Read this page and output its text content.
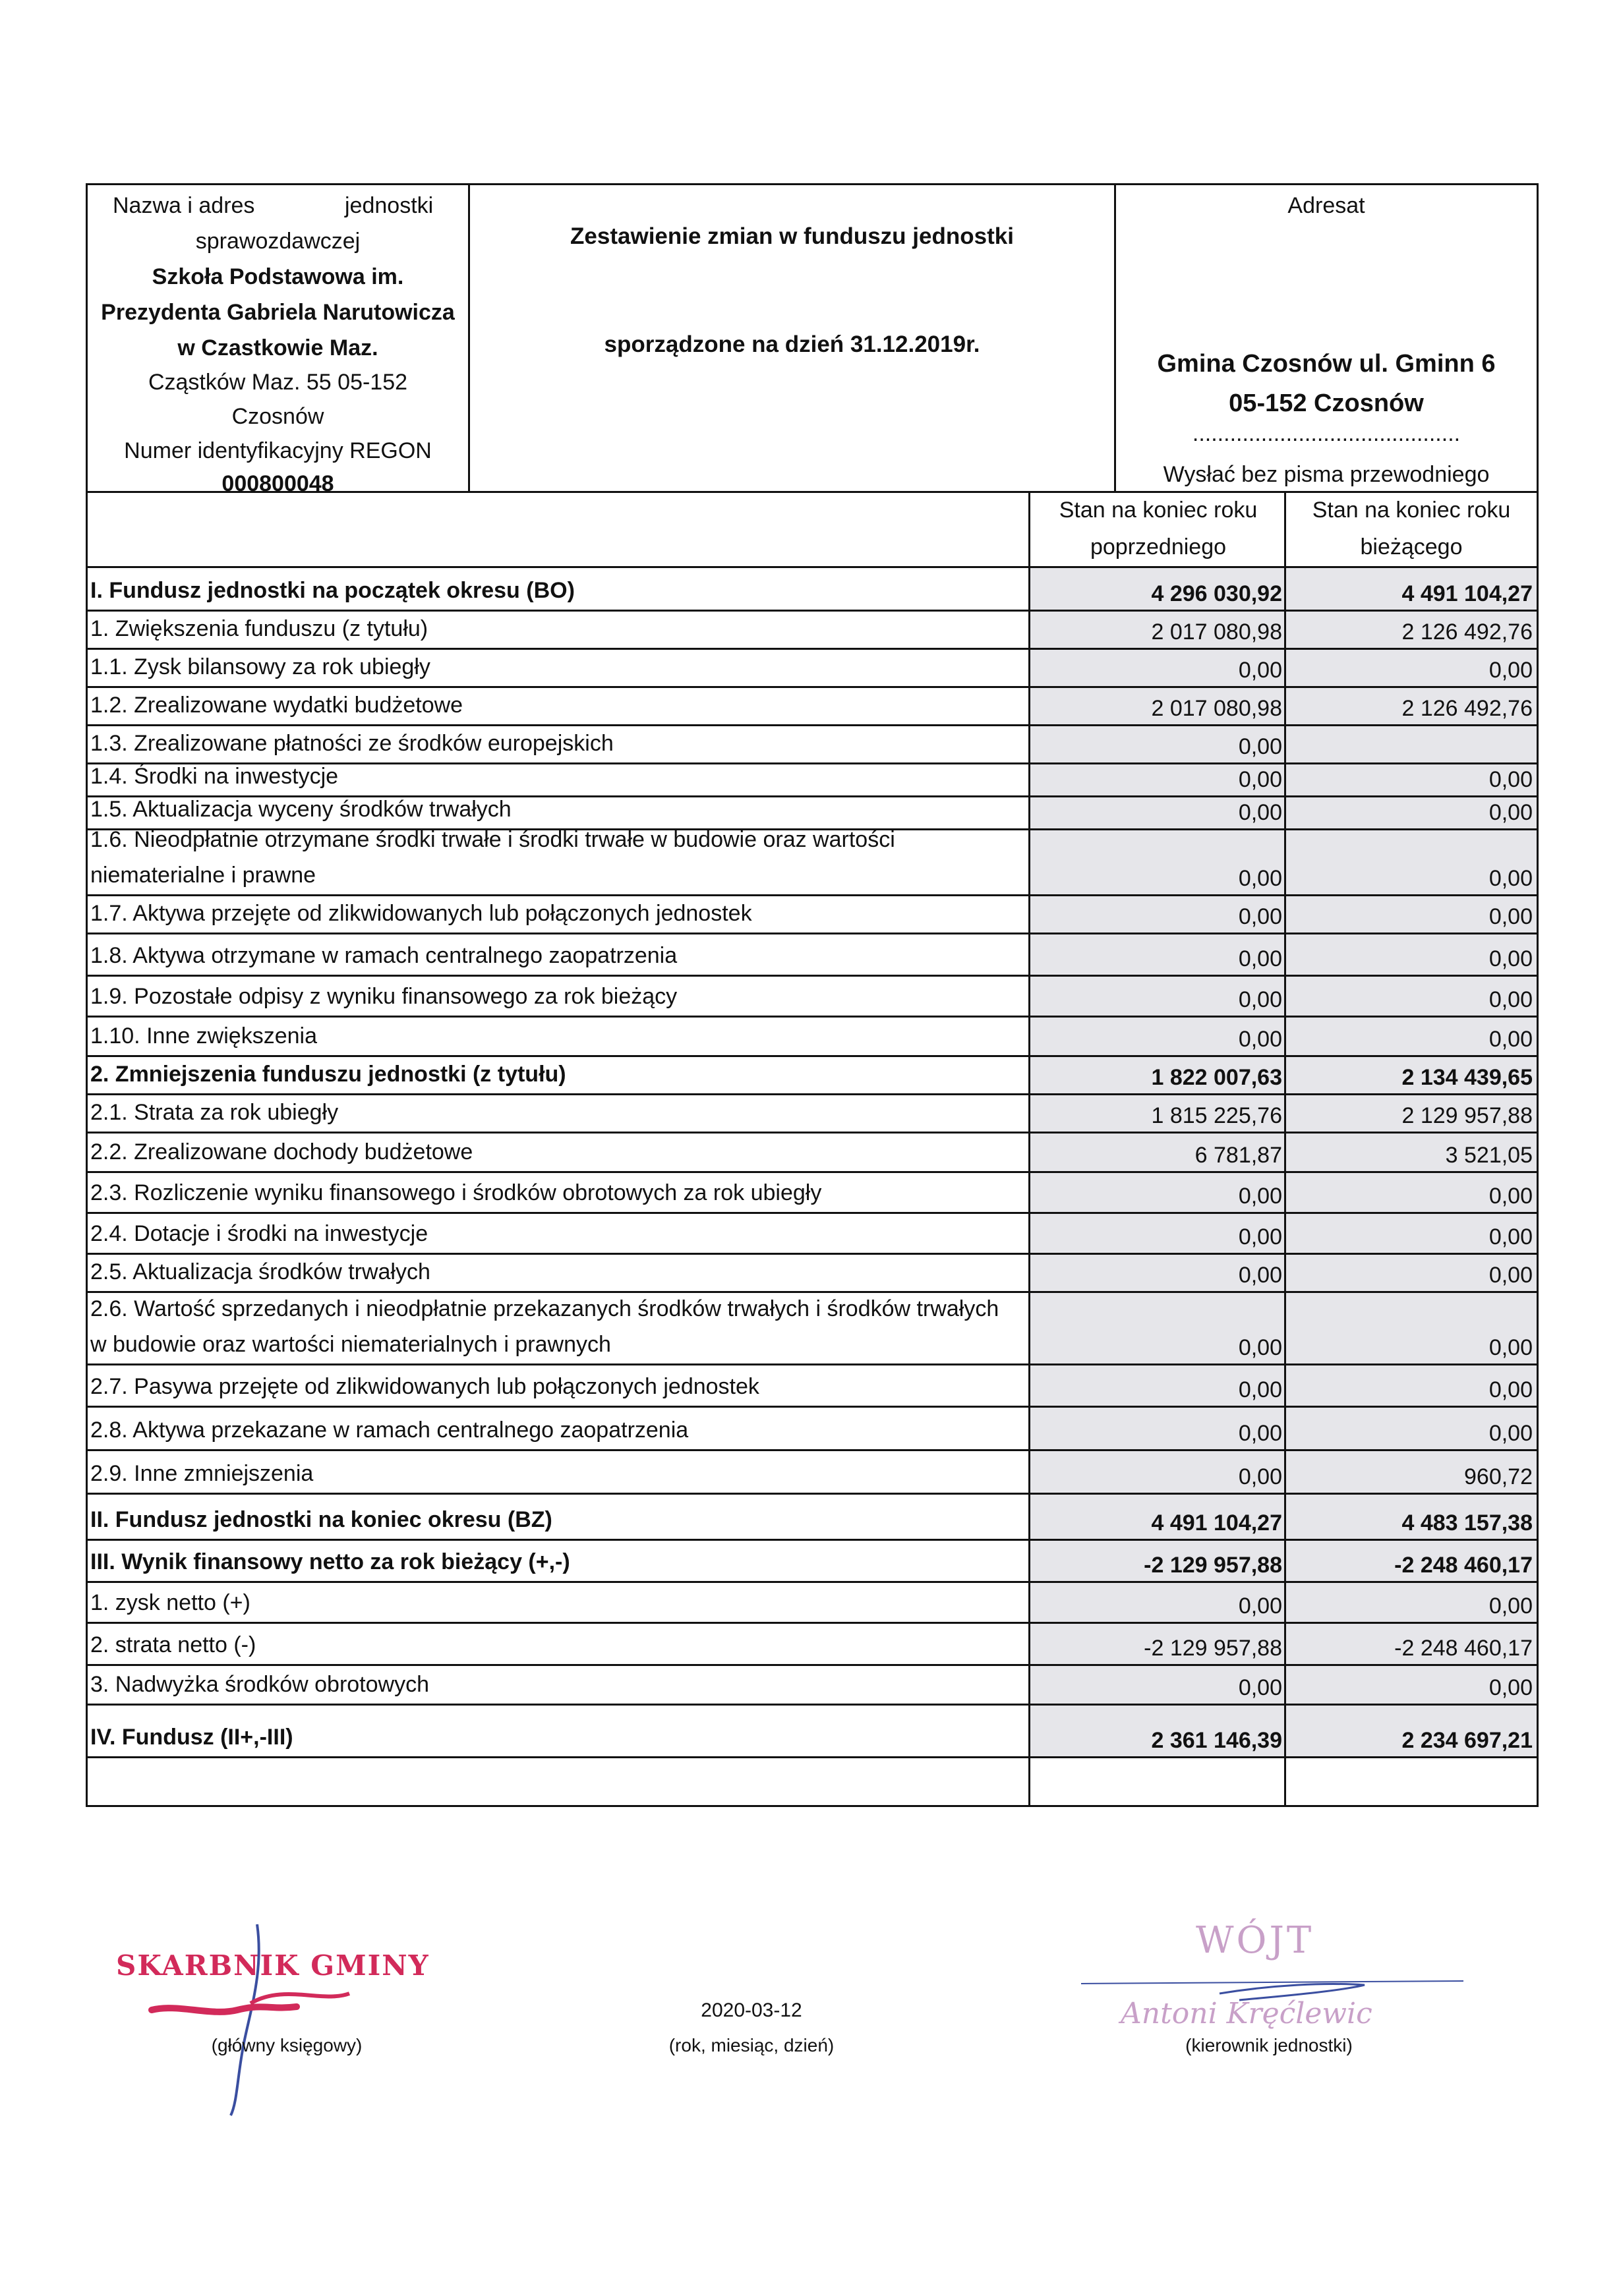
Nazwa i adres	jednostki
sprawozdawczej
Szkoła Podstawowa im.
Prezydenta Gabriela Narutowicza
w Czastkowie Maz.
Cząstków Maz. 55 05-152
Czosnów
Numer identyfikacyjny REGON
000800048
Zestawienie zmian w funduszu jednostki
sporządzone na dzień 31.12.2019r.
Adresat
Gmina Czosnów ul. Gminn 6
05-152 Czosnów
...........................................
Wysłać bez pisma przewodniego
Stan na koniec roku
poprzedniego
Stan na koniec roku
bieżącego
I. Fundusz jednostki na początek okresu (BO)	4 296 030,92	4 491 104,27
1. Zwiększenia funduszu (z tytułu)	2 017 080,98	2 126 492,76
1.1. Zysk bilansowy za rok ubiegły	0,00	0,00
1.2. Zrealizowane wydatki budżetowe	2 017 080,98	2 126 492,76
1.3. Zrealizowane płatności ze środków europejskich	0,00
1.4. Środki na inwestycje	0,00	0,00
1.5. Aktualizacja wyceny środków trwałych	0,00	0,00
1.6. Nieodpłatnie otrzymane środki trwałe i środki trwałe w budowie oraz wartości niematerialne i prawne	0,00	0,00
1.7. Aktywa przejęte od zlikwidowanych lub połączonych jednostek	0,00	0,00
1.8. Aktywa otrzymane w ramach centralnego zaopatrzenia	0,00	0,00
1.9. Pozostałe odpisy z wyniku finansowego za rok bieżący	0,00	0,00
1.10. Inne zwiększenia	0,00	0,00
2. Zmniejszenia funduszu jednostki (z tytułu)	1 822 007,63	2 134 439,65
2.1. Strata za rok ubiegły	1 815 225,76	2 129 957,88
2.2. Zrealizowane dochody budżetowe	6 781,87	3 521,05
2.3. Rozliczenie wyniku finansowego i środków obrotowych za rok ubiegły	0,00	0,00
2.4. Dotacje i środki na inwestycje	0,00	0,00
2.5. Aktualizacja środków trwałych	0,00	0,00
2.6. Wartość sprzedanych i nieodpłatnie przekazanych środków trwałych i środków trwałych w budowie oraz wartości niematerialnych i prawnych	0,00	0,00
2.7. Pasywa przejęte od zlikwidowanych lub połączonych jednostek	0,00	0,00
2.8. Aktywa przekazane w ramach centralnego zaopatrzenia	0,00	0,00
2.9. Inne zmniejszenia	0,00	960,72
II. Fundusz jednostki na koniec okresu (BZ)	4 491 104,27	4 483 157,38
III. Wynik finansowy netto za rok bieżący (+,-)	-2 129 957,88	-2 248 460,17
1. zysk netto (+)	0,00	0,00
2. strata netto (-)	-2 129 957,88	-2 248 460,17
3. Nadwyżka środków obrotowych	0,00	0,00
IV. Fundusz (II+,-III)	2 361 146,39	2 234 697,21
SKARBNIK GMINY
(główny księgowy)
2020-03-12
(rok, miesiąc, dzień)
WÓJT
Antoni Kręćlewic
(kierownik jednostki)
